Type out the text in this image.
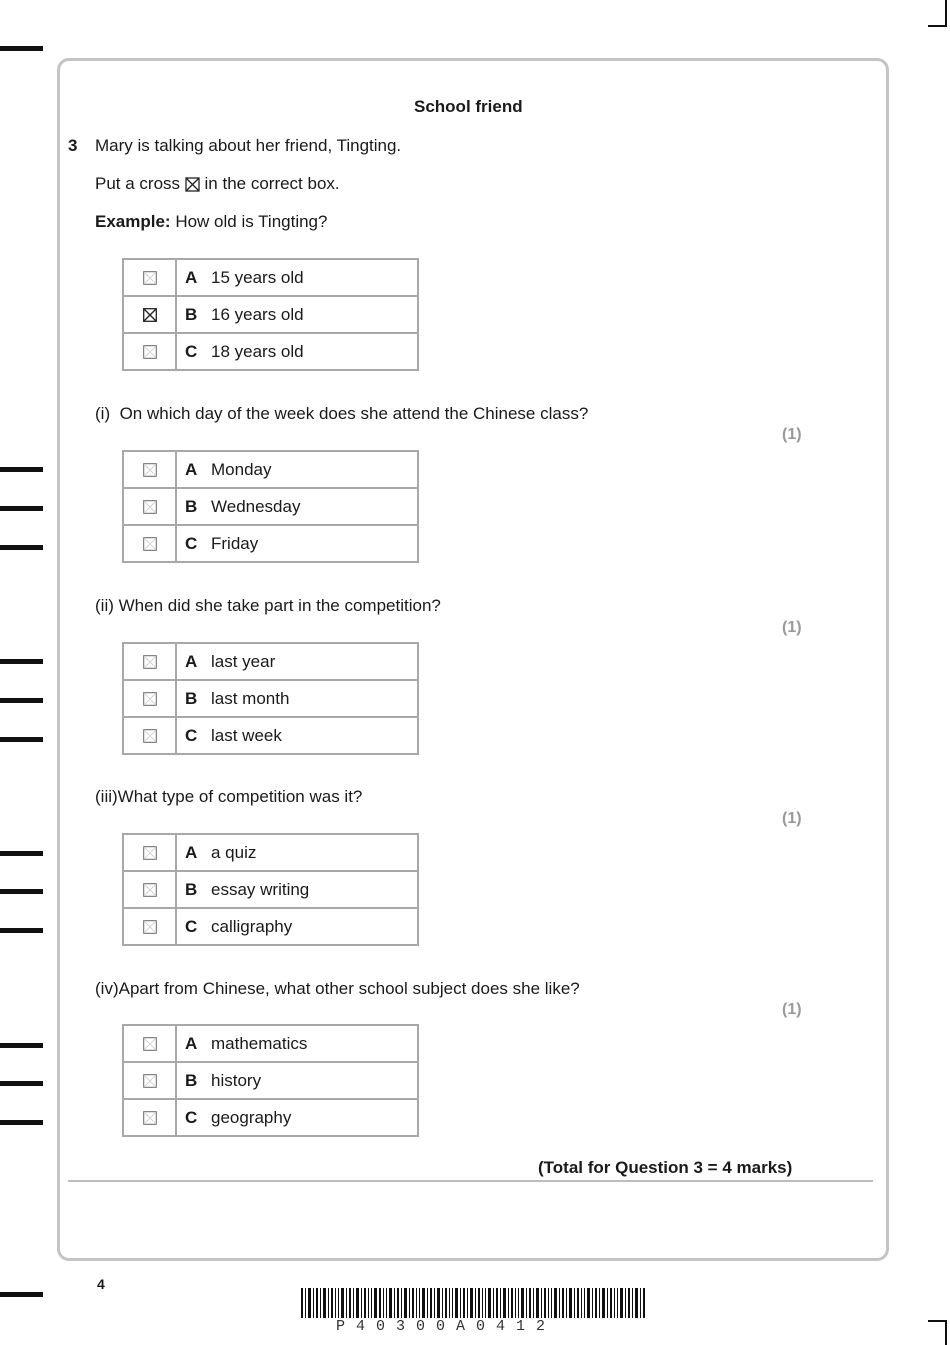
School friend
3 Mary is talking about her friend, Tingting.
Put a cross ☒ in the correct box.
Example: How old is Tingting?
	A 15 years old
	B 16 years old
	C 18 years old
(i) On which day of the week does she attend the Chinese class?
(1)
	A Monday
	B Wednesday
	C Friday
(ii) When did she take part in the competition?
(1)
	A last year
	B last month
	C last week
(iii)What type of competition was it?
(1)
	A a quiz
	B essay writing
	C calligraphy
(iv)Apart from Chinese, what other school subject does she like?
(1)
	A mathematics
	B history
	C geography
(Total for Question 3 = 4 marks)
4
P40300A0412
